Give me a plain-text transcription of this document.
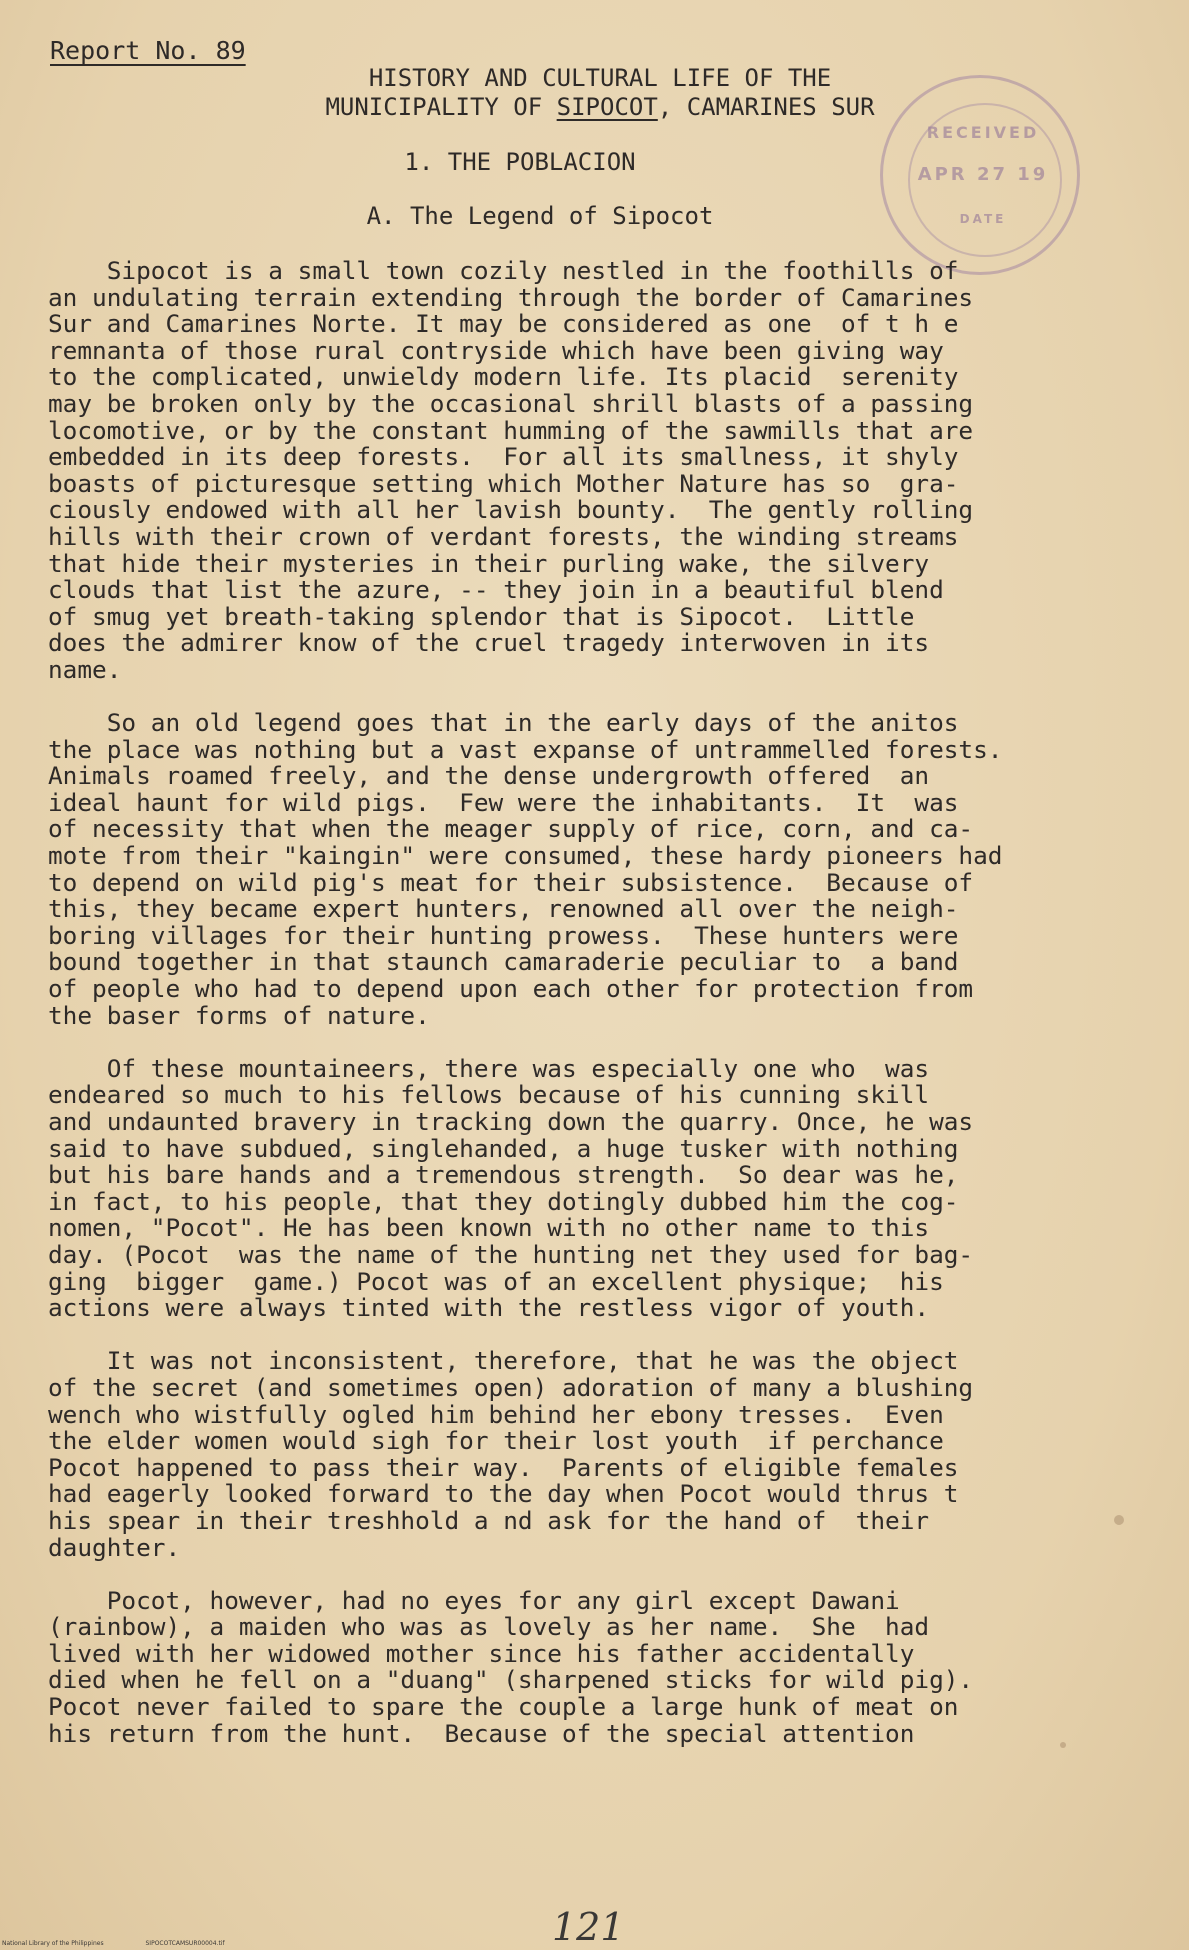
Report No. 89
HISTORY AND CULTURAL LIFE OF THE
MUNICIPALITY OF SIPOCOT, CAMARINES SUR
1. THE POBLACION
A. The Legend of Sipocot
RECEIVED
APR 27 19
DATE
Sipocot is a small town cozily nestled in the foothills of
an undulating terrain extending through the border of Camarines
Sur and Camarines Norte. It may be considered as one  of t h e
remnanta of those rural contryside which have been giving way
to the complicated, unwieldy modern life. Its placid  serenity
may be broken only by the occasional shrill blasts of a passing
locomotive, or by the constant humming of the sawmills that are
embedded in its deep forests.  For all its smallness, it shyly
boasts of picturesque setting which Mother Nature has so  gra-
ciously endowed with all her lavish bounty.  The gently rolling
hills with their crown of verdant forests, the winding streams
that hide their mysteries in their purling wake, the silvery
clouds that list the azure, -- they join in a beautiful blend
of smug yet breath-taking splendor that is Sipocot.  Little
does the admirer know of the cruel tragedy interwoven in its
name.
So an old legend goes that in the early days of the anitos
the place was nothing but a vast expanse of untrammelled forests.
Animals roamed freely, and the dense undergrowth offered  an
ideal haunt for wild pigs.  Few were the inhabitants.  It  was
of necessity that when the meager supply of rice, corn, and ca-
mote from their "kaingin" were consumed, these hardy pioneers had
to depend on wild pig's meat for their subsistence.  Because of
this, they became expert hunters, renowned all over the neigh-
boring villages for their hunting prowess.  These hunters were
bound together in that staunch camaraderie peculiar to  a band
of people who had to depend upon each other for protection from
the baser forms of nature.
Of these mountaineers, there was especially one who  was
endeared so much to his fellows because of his cunning skill
and undaunted bravery in tracking down the quarry. Once, he was
said to have subdued, singlehanded, a huge tusker with nothing
but his bare hands and a tremendous strength.  So dear was he,
in fact, to his people, that they dotingly dubbed him the cog-
nomen, "Pocot". He has been known with no other name to this
day. (Pocot  was the name of the hunting net they used for bag-
ging  bigger  game.) Pocot was of an excellent physique;  his
actions were always tinted with the restless vigor of youth.
It was not inconsistent, therefore, that he was the object
of the secret (and sometimes open) adoration of many a blushing
wench who wistfully ogled him behind her ebony tresses.  Even
the elder women would sigh for their lost youth  if perchance
Pocot happened to pass their way.  Parents of eligible females
had eagerly looked forward to the day when Pocot would thrus t
his spear in their treshhold a nd ask for the hand of  their
daughter.
Pocot, however, had no eyes for any girl except Dawani
(rainbow), a maiden who was as lovely as her name.  She  had
lived with her widowed mother since his father accidentally
died when he fell on a "duang" (sharpened sticks for wild pig).
Pocot never failed to spare the couple a large hunk of meat on
his return from the hunt.  Because of the special attention
121
National Library of the Philippines	SIPOCOTCAMSUR00004.tif
